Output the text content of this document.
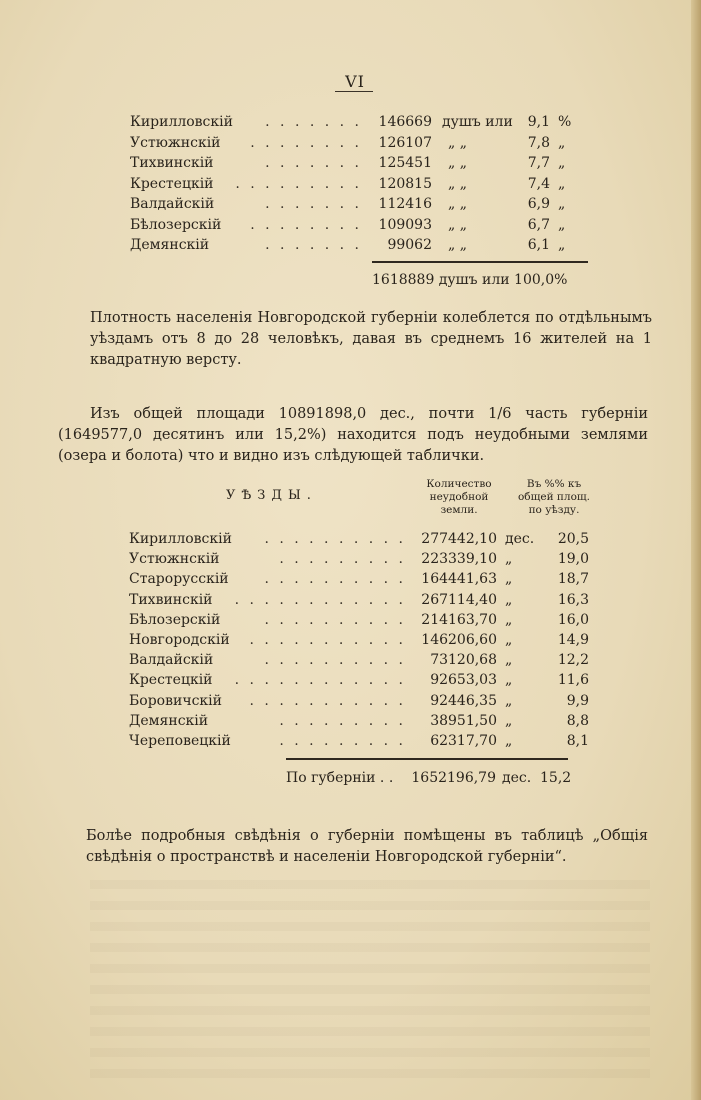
VI
. . . . . . .
Кирилловскій	146669 душъ или	9,1 %
. . . . . . . .
Устюжнскій	126107 „ „	7,8 „
. . . . . . .
Тихвинскій	125451 „ „	7,7 „
. . . . . . . . .
Крестецкій	120815 „ „	7,4 „
. . . . . . .
Валдайскій	112416 „ „	6,9 „
. . . . . . . .
Бѣлозерскій	109093 „ „	6,7 „
. . . . . . .
Демянскій	99062 „ „	6,1 „
1618889 душъ или 100,0%

Плотность населенія Новгородской губерніи колеблется по отдѣльнымъ уѣздамъ отъ 8 до 28 человѣкъ, давая въ среднемъ 16 жителей на 1 квадратную версту.

Изъ общей площади 10891898,0 дес., почти 1/6 часть губерніи (1649577,0 десятинъ или 15,2%) находится подъ неудобными землями (озера и болота) что и видно изъ слѣдующей таблички.

УѢЗДЫ.
Количество
неудобной
земли.
Въ %% къ
общей площ.
по уѣзду.
. . . . . . . . . .
Кирилловскій	277442,10 дес.	20,5
. . . . . . . . .
Устюжнскій	223339,10 „	19,0
. . . . . . . . . .
Старорусскій	164441,63 „	18,7
. . . . . . . . . . . .
Тихвинскій	267114,40 „	16,3
. . . . . . . . . .
Бѣлозерскій	214163,70 „	16,0
. . . . . . . . . . .
Новгородскій	146206,60 „	14,9
. . . . . . . . . .
Валдайскій	73120,68 „	12,2
. . . . . . . . . . . .
Крестецкій	92653,03 „	11,6
. . . . . . . . . . .
Боровичскій	92446,35 „	9,9
. . . . . . . . .
Демянскій	38951,50 „	8,8
. . . . . . . . .
Череповецкій	62317,70 „	8,1
По губерніи . . 1652196,79 дес. 15,2

Болѣе подробныя свѣдѣнія о губерніи помѣщены въ таблицѣ „Общія свѣдѣнія о пространствѣ и населеніи Новгородской губерніи“.
